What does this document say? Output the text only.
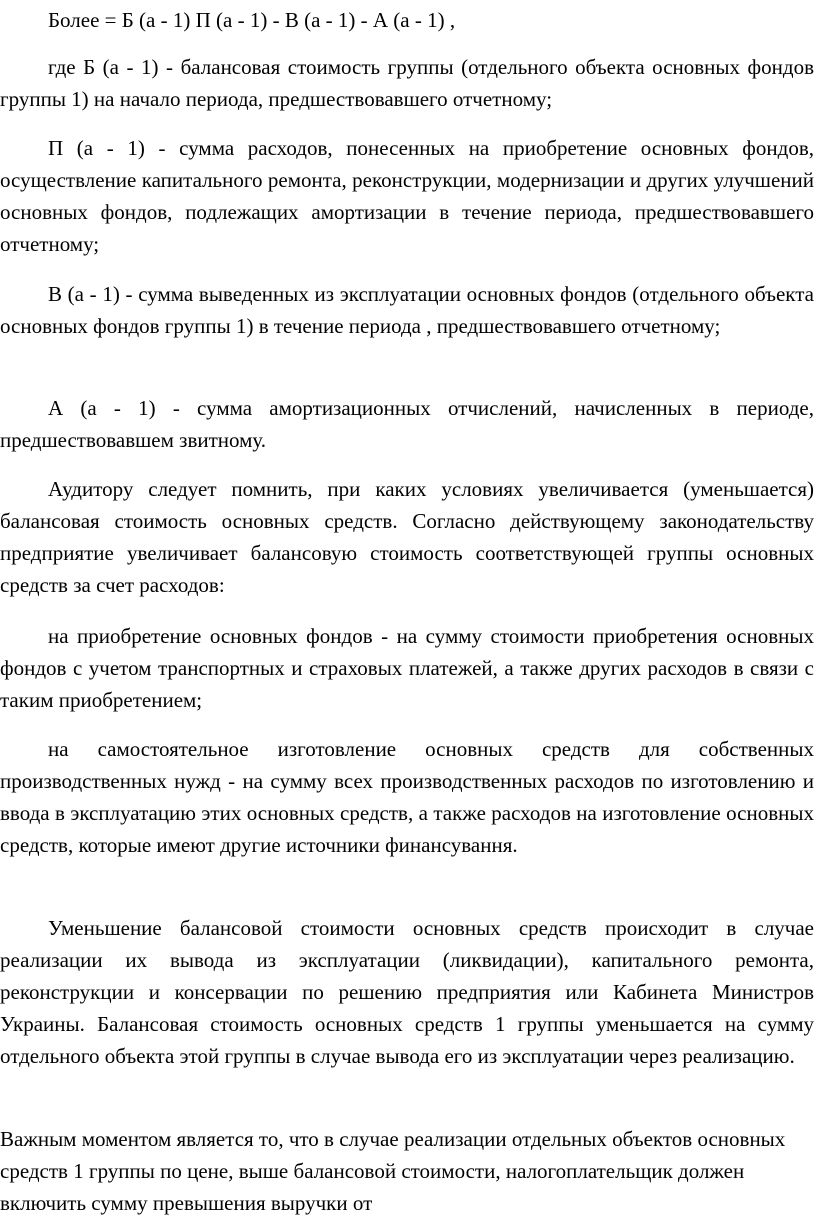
Более = Б (а - 1) П (а - 1) - В (а - 1) - А (а - 1) ,

где Б (а - 1) - балансовая стоимость группы (отдельного объекта основных фондов группы 1) на начало периода, предшествовавшего отчетному;

П (а - 1) - сумма расходов, понесенных на приобретение основных фондов, осуществление капитального ремонта, реконструкции, модернизации и других улучшений основных фондов, подлежащих амортизации в течение периода, предшествовавшего отчетному;

В (а - 1) - сумма выведенных из эксплуатации основных фондов (отдельного объекта основных фондов группы 1) в течение периода , предшествовавшего отчетному;

А (а - 1) - сумма амортизационных отчислений, начисленных в периоде, предшествовавшем звитному.

Аудитору следует помнить, при каких условиях увеличивается (уменьшается) балансовая стоимость основных средств. Согласно действующему законодательству предприятие увеличивает балансовую стоимость соответствующей группы основных средств за счет расходов:

на приобретение основных фондов - на сумму стоимости приобретения основных фондов с учетом транспортных и страховых платежей, а также других расходов в связи с таким приобретением;

на самостоятельное изготовление основных средств для собственных производственных нужд - на сумму всех производственных расходов по изготовлению и ввода в эксплуатацию этих основных средств, а также расходов на изготовление основных средств, которые имеют другие источники финансування.

Уменьшение балансовой стоимости основных средств происходит в случае реализации их вывода из эксплуатации (ликвидации), капитального ремонта, реконструкции и консервации по решению предприятия или Кабинета Министров Украины. Балансовая стоимость основных средств 1 группы уменьшается на сумму отдельного объекта этой группы в случае вывода его из эксплуатации через реализацию.

Важным моментом является то, что в случае реализации отдельных объектов основных средств 1 группы по цене, выше балансовой стоимости, налогоплательщик должен включить сумму превышения выручки от
